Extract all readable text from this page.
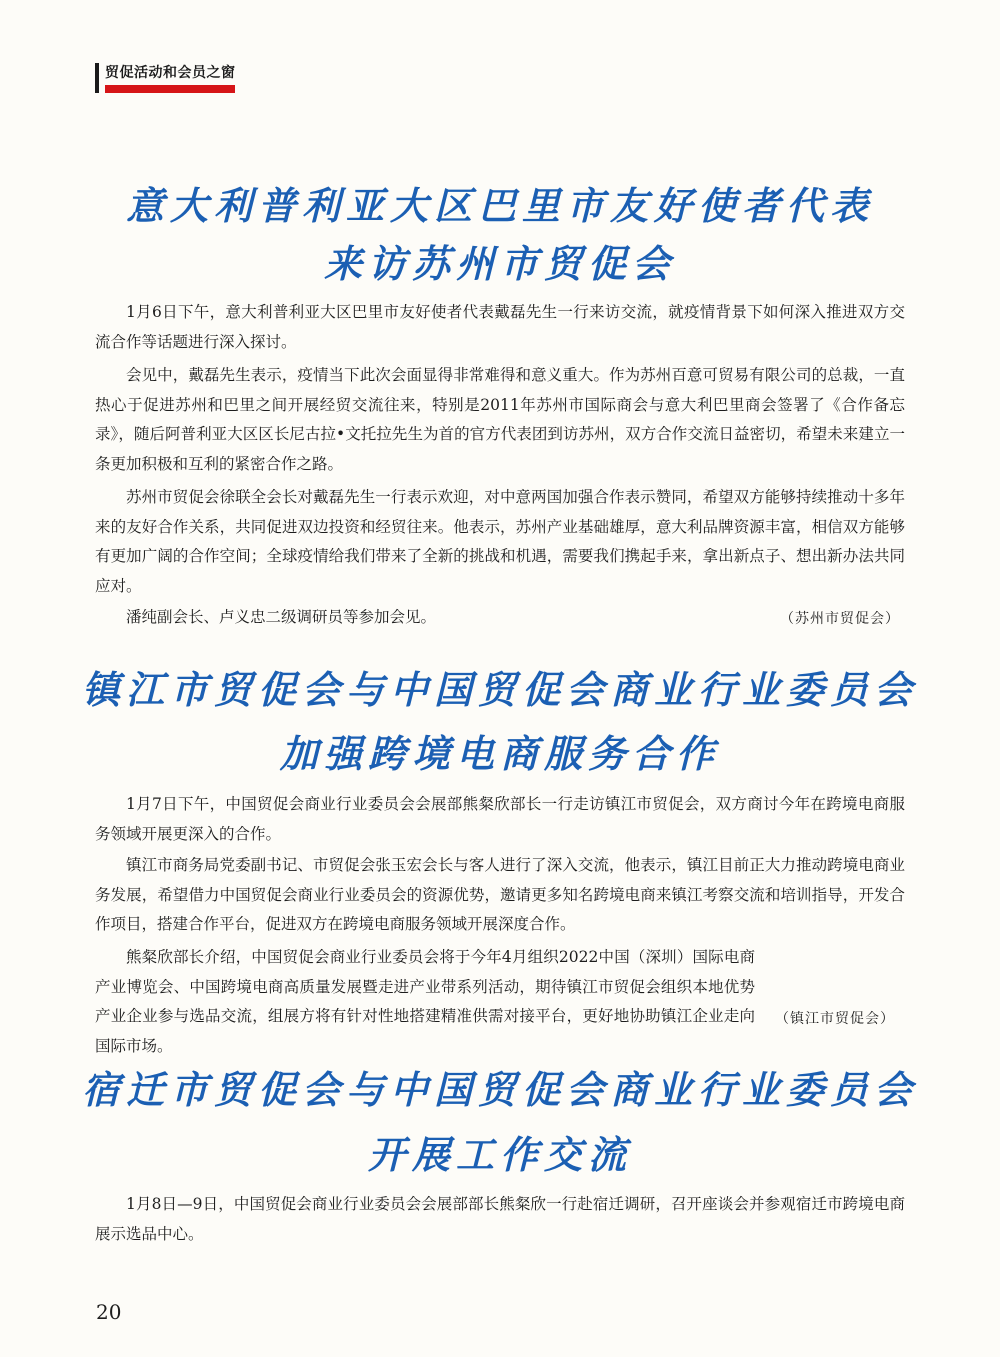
贸促活动和会员之窗
意大利普利亚大区巴里市友好使者代表
来访苏州市贸促会

1月6日下午，意大利普利亚大区巴里市友好使者代表戴磊先生一行来访交流，就疫情背景下如何深入推进双方交流合作等话题进行深入探讨。

会见中，戴磊先生表示，疫情当下此次会面显得非常难得和意义重大。作为苏州百意可贸易有限公司的总裁，一直热心于促进苏州和巴里之间开展经贸交流往来，特别是2011年苏州市国际商会与意大利巴里商会签署了《合作备忘录》，随后阿普利亚大区区长尼古拉•文托拉先生为首的官方代表团到访苏州，双方合作交流日益密切，希望未来建立一条更加积极和互利的紧密合作之路。

苏州市贸促会徐联全会长对戴磊先生一行表示欢迎，对中意两国加强合作表示赞同，希望双方能够持续推动十多年来的友好合作关系，共同促进双边投资和经贸往来。他表示，苏州产业基础雄厚，意大利品牌资源丰富，相信双方能够有更加广阔的合作空间；全球疫情给我们带来了全新的挑战和机遇，需要我们携起手来，拿出新点子、想出新办法共同应对。

潘纯副会长、卢义忠二级调研员等参加会见。	（苏州市贸促会）
镇江市贸促会与中国贸促会商业行业委员会
加强跨境电商服务合作

1月7日下午，中国贸促会商业行业委员会会展部熊粲欣部长一行走访镇江市贸促会，双方商讨今年在跨境电商服务领域开展更深入的合作。

镇江市商务局党委副书记、市贸促会张玉宏会长与客人进行了深入交流，他表示，镇江目前正大力推动跨境电商业务发展，希望借力中国贸促会商业行业委员会的资源优势，邀请更多知名跨境电商来镇江考察交流和培训指导，开发合作项目，搭建合作平台，促进双方在跨境电商服务领域开展深度合作。

熊粲欣部长介绍，中国贸促会商业行业委员会将于今年4月组织2022中国（深圳）国际电商产业博览会、中国跨境电商高质量发展暨走进产业带系列活动，期待镇江市贸促会组织本地优势产业企业参与选品交流，组展方将有针对性地搭建精准供需对接平台，更好地协助镇江企业走向国际市场。

（镇江市贸促会）
宿迁市贸促会与中国贸促会商业行业委员会
开展工作交流

1月8日—9日，中国贸促会商业行业委员会会展部部长熊粲欣一行赴宿迁调研，召开座谈会并参观宿迁市跨境电商展示选品中心。

20
